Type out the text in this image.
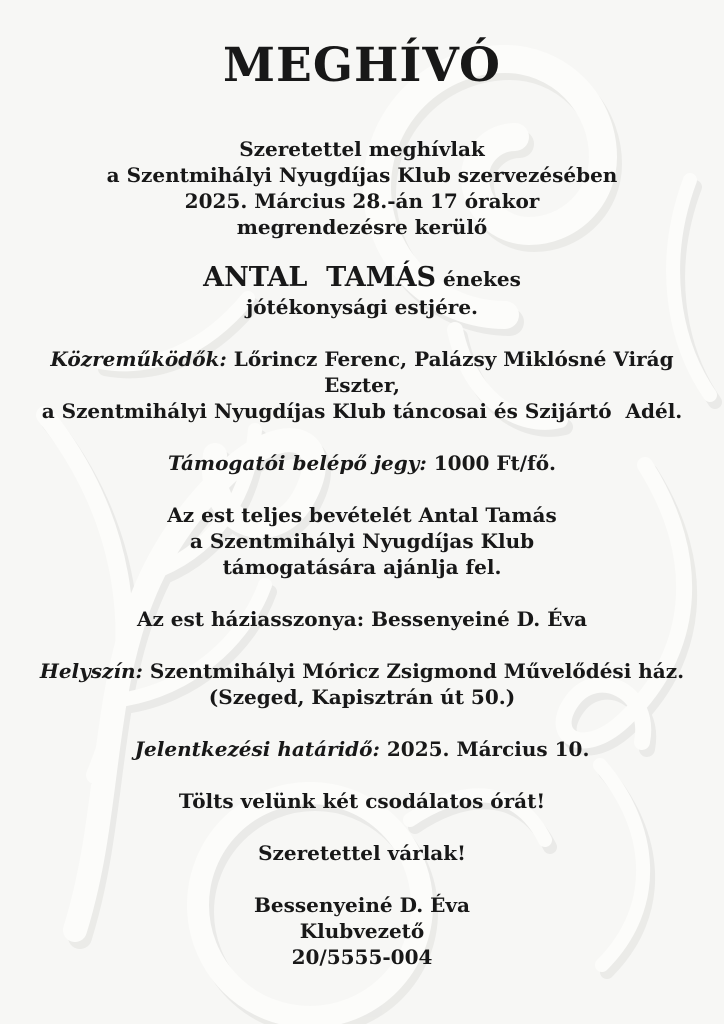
MEGHÍVÓ

Szeretettel meghívlak

a Szentmihályi Nyugdíjas Klub szervezésében

2025. Március 28.-án 17 órakor

megrendezésre kerülő

ANTAL  TAMÁS énekes

jótékonysági estjére.

Közreműködők: Lőrincz Ferenc, Palázsy Miklósné Virág

Eszter,

a Szentmihályi Nyugdíjas Klub táncosai és Szijártó  Adél.

Támogatói belépő jegy: 1000 Ft/fő.

Az est teljes bevételét Antal Tamás

a Szentmihályi Nyugdíjas Klub

támogatására ajánlja fel.

Az est háziasszonya: Bessenyeiné D. Éva

Helyszín: Szentmihályi Móricz Zsigmond Művelődési ház.

(Szeged, Kapisztrán út 50.)

Jelentkezési határidő: 2025. Március 10.

Tölts velünk két csodálatos órát!

Szeretettel várlak!

Bessenyeiné D. Éva

Klubvezető

20/5555-004
